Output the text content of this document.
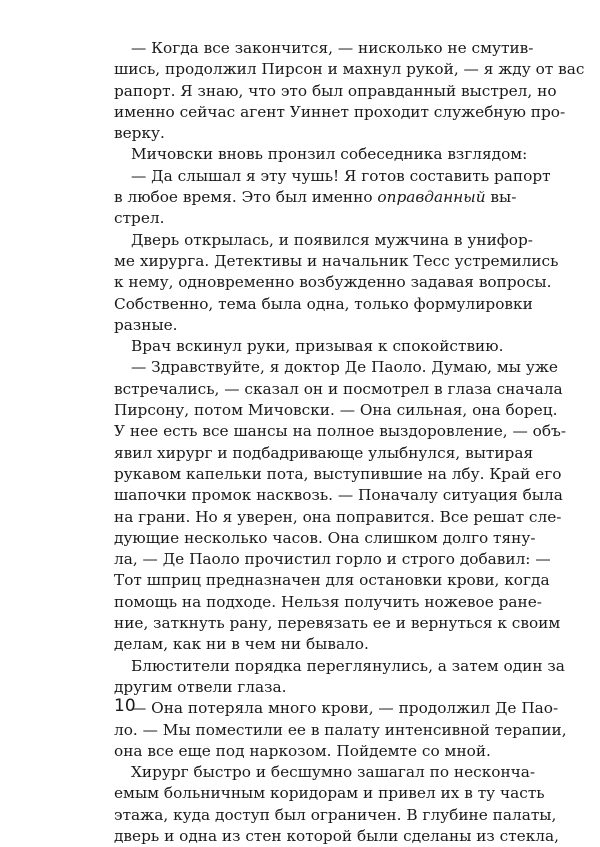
— Когда все закончится, — нисколько не смутив-
шись, продолжил Пирсон и махнул рукой, — я жду от вас
рапорт. Я знаю, что это был оправданный выстрел, но
именно сейчас агент Уиннет проходит служебную про-
верку.
Мичовски вновь пронзил собеседника взглядом:
— Да слышал я эту чушь! Я готов составить рапорт
в любое время. Это был именно оправданный вы-
стрел.
Дверь открылась, и появился мужчина в унифор-
ме хирурга. Детективы и начальник Тесс устремились
к нему, одновременно возбужденно задавая вопросы.
Собственно, тема была одна, только формулировки
разные.
Врач вскинул руки, призывая к спокойствию.
— Здравствуйте, я доктор Де Паоло. Думаю, мы уже
встречались, — сказал он и посмотрел в глаза сначала
Пирсону, потом Мичовски. — Она сильная, она борец.
У нее есть все шансы на полное выздоровление, — объ-
явил хирург и подбадривающе улыбнулся, вытирая
рукавом капельки пота, выступившие на лбу. Край его
шапочки промок насквозь. — Поначалу ситуация была
на грани. Но я уверен, она поправится. Все решат сле-
дующие несколько часов. Она слишком долго тяну-
ла, — Де Паоло прочистил горло и строго добавил: —
Тот шприц предназначен для остановки крови, когда
помощь на подходе. Нельзя получить ножевое ране-
ние, заткнуть рану, перевязать ее и вернуться к своим
делам, как ни в чем ни бывало.
Блюстители порядка переглянулись, а затем один за
другим отвели глаза.
— Она потеряла много крови, — продолжил Де Пао-
ло. — Мы поместили ее в палату интенсивной терапии,
она все еще под наркозом. Пойдемте со мной.
Хирург быстро и бесшумно зашагал по несконча-
емым больничным коридорам и привел их в ту часть
этажа, куда доступ был ограничен. В глубине палаты,
дверь и одна из стен которой были сделаны из стекла,
10
